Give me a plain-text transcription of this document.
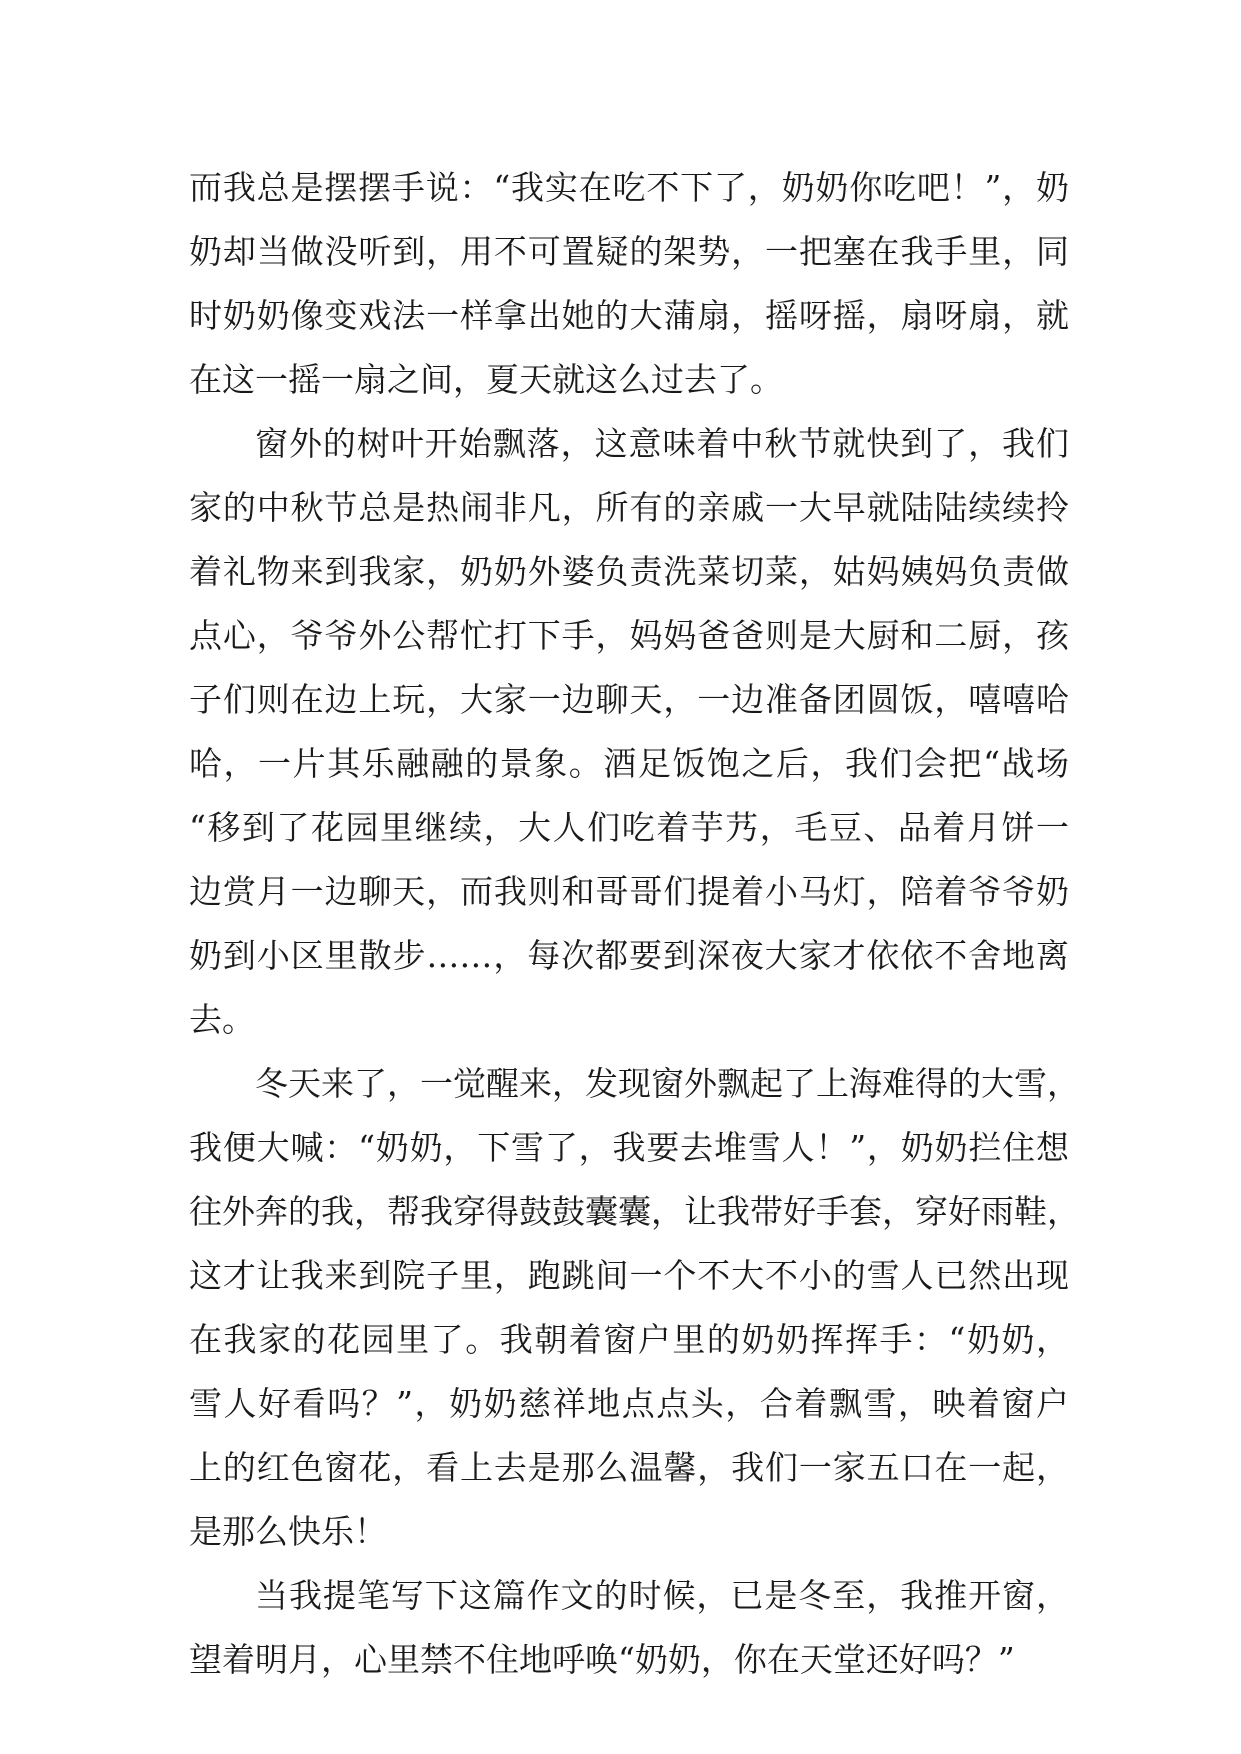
而我总是摆摆手说：“我实在吃不下了，奶奶你吃吧！”，奶
奶却当做没听到，用不可置疑的架势，一把塞在我手里，同
时奶奶像变戏法一样拿出她的大蒲扇，摇呀摇，扇呀扇，就
在这一摇一扇之间，夏天就这么过去了。
窗外的树叶开始飘落，这意味着中秋节就快到了，我们
家的中秋节总是热闹非凡，所有的亲戚一大早就陆陆续续拎
着礼物来到我家，奶奶外婆负责洗菜切菜，姑妈姨妈负责做
点心，爷爷外公帮忙打下手，妈妈爸爸则是大厨和二厨，孩
子们则在边上玩，大家一边聊天，一边准备团圆饭，嘻嘻哈
哈，一片其乐融融的景象。酒足饭饱之后，我们会把“战场
“移到了花园里继续，大人们吃着芋艿，毛豆、品着月饼一
边赏月一边聊天，而我则和哥哥们提着小马灯，陪着爷爷奶
奶到小区里散步……，每次都要到深夜大家才依依不舍地离
去。
冬天来了，一觉醒来，发现窗外飘起了上海难得的大雪，
我便大喊：“奶奶，下雪了，我要去堆雪人！”，奶奶拦住想
往外奔的我，帮我穿得鼓鼓囊囊，让我带好手套，穿好雨鞋，
这才让我来到院子里，跑跳间一个不大不小的雪人已然出现
在我家的花园里了。我朝着窗户里的奶奶挥挥手：“奶奶，
雪人好看吗？”，奶奶慈祥地点点头，合着飘雪，映着窗户
上的红色窗花，看上去是那么温馨，我们一家五口在一起，
是那么快乐！
当我提笔写下这篇作文的时候，已是冬至，我推开窗，
望着明月，心里禁不住地呼唤“奶奶，你在天堂还好吗？”
